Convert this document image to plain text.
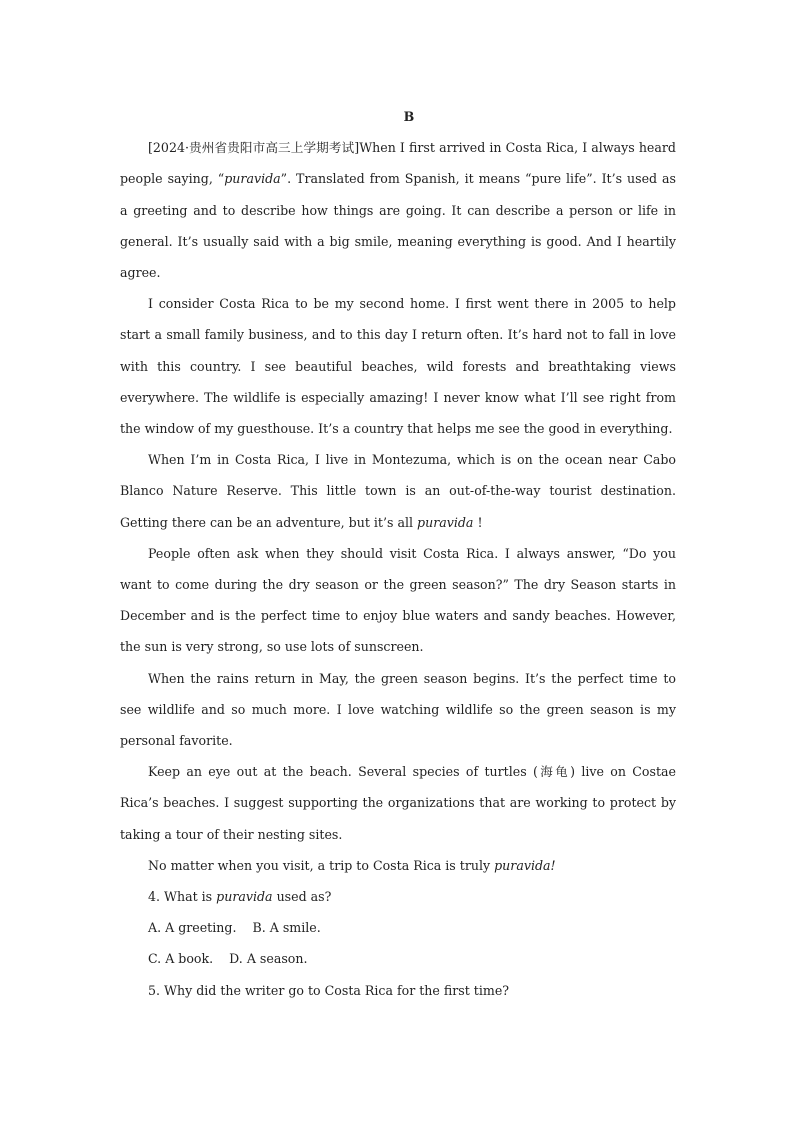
B

[2024·贵州省贵阳市高三上学期考试]When I first arrived in Costa Rica, I always heard people saying, “puravida”. Translated from Spanish, it means “pure life”. It’s used as a greeting and to describe how things are going. It can describe a person or life in general. It’s usually said with a big smile, meaning everything is good. And I heartily agree.

I consider Costa Rica to be my second home. I first went there in 2005 to help start a small family business, and to this day I return often. It’s hard not to fall in love with this country. I see beautiful beaches, wild forests and breathtaking views everywhere. The wildlife is especially amazing! I never know what I’ll see right from the window of my guesthouse. It’s a country that helps me see the good in everything.

When I’m in Costa Rica, I live in Montezuma, which is on the ocean near Cabo Blanco Nature Reserve. This little town is an out-of-the-way tourist destination. Getting there can be an adventure, but it’s all puravida !

People often ask when they should visit Costa Rica. I always answer, “Do you want to come during the dry season or the green season?” The dry Season starts in December and is the perfect time to enjoy blue waters and sandy beaches. However, the sun is very strong, so use lots of sunscreen.

When the rains return in May, the green season begins. It’s the perfect time to see wildlife and so much more. I love watching wildlife so the green season is my personal favorite.

Keep an eye out at the beach. Several species of turtles (海龟) live on Costae Rica’s beaches. I suggest supporting the organizations that are working to protect by taking a tour of their nesting sites.

No matter when you visit, a trip to Costa Rica is truly puravida!

4. What is puravida used as?

A. A greeting.    B. A smile.

C. A book.    D. A season.

5. Why did the writer go to Costa Rica for the first time?
